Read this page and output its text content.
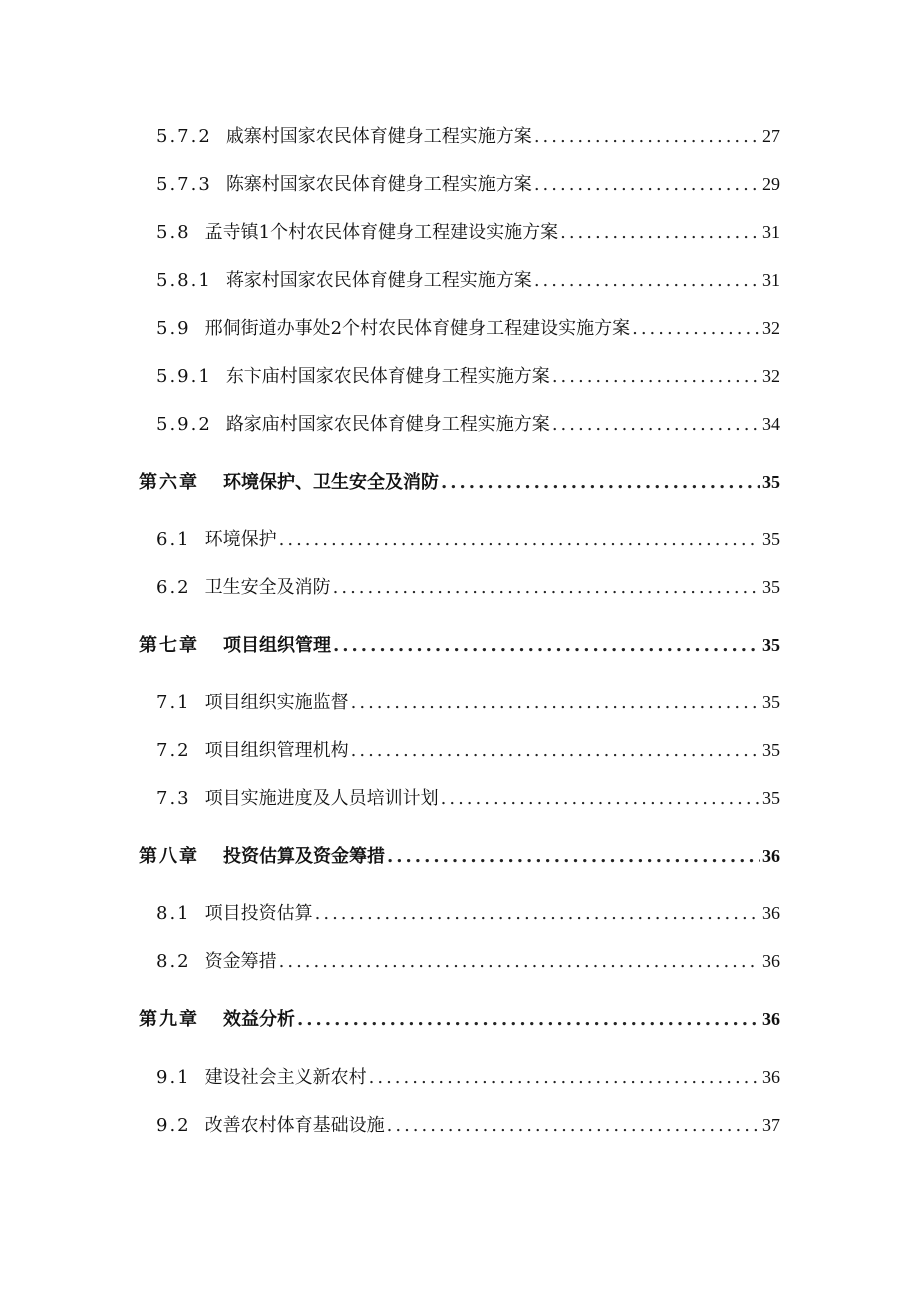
5.7.2 戚寨村国家农民体育健身工程实施方案 .....	27
5.7.3 陈寨村国家农民体育健身工程实施方案 .....	29
5.8 孟寺镇1个村农民体育健身工程建设实施方案 .....	31
5.8.1 蒋家村国家农民体育健身工程实施方案 .....	31
5.9 邢侗街道办事处2个村农民体育健身工程建设实施方案 .....	32
5.9.1 东卞庙村国家农民体育健身工程实施方案 .....	32
5.9.2 路家庙村国家农民体育健身工程实施方案 .....	34
第六章 环境保护、卫生安全及消防 .....	35
6.1 环境保护 .....	35
6.2 卫生安全及消防 .....	35
第七章 项目组织管理 .....	35
7.1 项目组织实施监督 .....	35
7.2 项目组织管理机构 .....	35
7.3 项目实施进度及人员培训计划 .....	35
第八章 投资估算及资金筹措 .....	36
8.1 项目投资估算 .....	36
8.2 资金筹措 .....	36
第九章 效益分析 .....	36
9.1 建设社会主义新农村 .....	36
9.2 改善农村体育基础设施 .....	37
